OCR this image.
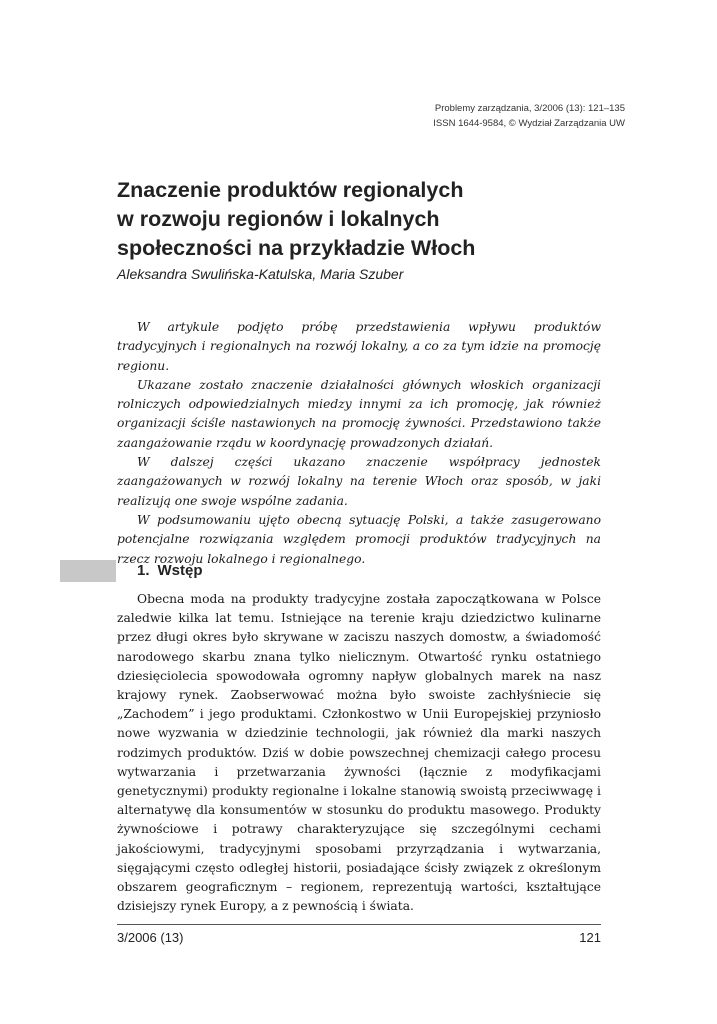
Problemy zarządzania, 3/2006 (13): 121–135
ISSN 1644-9584, © Wydział Zarządzania UW
Znaczenie produktów regionalych
w rozwoju regionów i lokalnych
społeczności na przykładzie Włoch
Aleksandra Swulińska-Katulska, Maria Szuber

W artykule podjęto próbę przedstawienia wpływu produktów tradycyjnych i regionalnych na rozwój lokalny, a co za tym idzie na promocję regionu.

Ukazane zostało znaczenie działalności głównych włoskich organizacji rolniczych odpowiedzialnych miedzy innymi za ich promocję, jak również organizacji ściśle nastawionych na promocję żywności. Przedstawiono także zaangażowanie rządu w koordynację prowadzonych działań.

W dalszej części ukazano znaczenie współpracy jednostek zaangażowanych w rozwój lokalny na terenie Włoch oraz sposób, w jaki realizują one swoje wspólne zadania.

W podsumowaniu ujęto obecną sytuację Polski, a także zasugerowano potencjalne rozwiązania względem promocji produktów tradycyjnych na rzecz rozwoju lokalnego i regionalnego.

1. Wstęp

Obecna moda na produkty tradycyjne została zapoczątkowana w Polsce zaledwie kilka lat temu. Istniejące na terenie kraju dziedzictwo kulinarne przez długi okres było skrywane w zaciszu naszych domostw, a świadomość narodowego skarbu znana tylko nielicznym. Otwartość rynku ostatniego dziesięciolecia spowodowała ogromny napływ globalnych marek na nasz krajowy rynek. Zaobserwować można było swoiste zachłyśniecie się „Zachodem” i jego produktami. Członkostwo w Unii Europejskiej przyniosło nowe wyzwania w dziedzinie technologii, jak również dla marki naszych rodzimych produktów. Dziś w dobie powszechnej chemizacji całego procesu wytwarzania i przetwarzania żywności (łącznie z modyfikacjami genetycznymi) produkty regionalne i lokalne stanowią swoistą przeciwwagę i alternatywę dla konsumentów w stosunku do produktu masowego. Produkty żywnościowe i potrawy charakteryzujące się szczególnymi cechami jakościowymi, tradycyjnymi sposobami przyrządzania i wytwarzania, sięgającymi często odległej historii, posiadające ścisły związek z określonym obszarem geograficznym – regionem, reprezentują wartości, kształtujące dzisiejszy rynek Europy, a z pewnością i świata.

3/2006 (13)	121
